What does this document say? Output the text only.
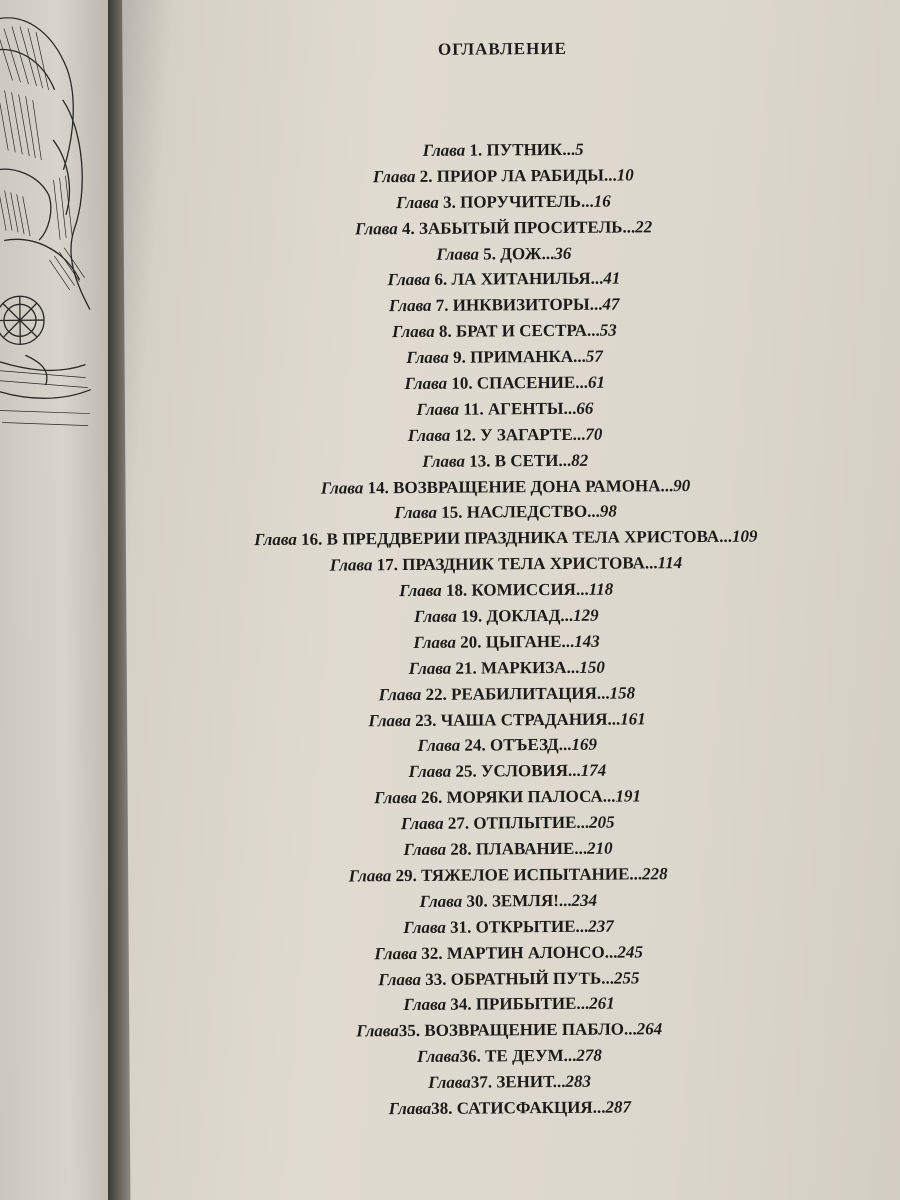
ОГЛАВЛЕНИЕ
Глава 1. ПУТНИК...5
Глава 2. ПРИОР ЛА РАБИДЫ...10
Глава 3. ПОРУЧИТЕЛЬ...16
Глава 4. ЗАБЫТЫЙ ПРОСИТЕЛЬ...22
Глава 5. ДОЖ...36
Глава 6. ЛА ХИТАНИЛЬЯ...41
Глава 7. ИНКВИЗИТОРЫ...47
Глава 8. БРАТ И СЕСТРА...53
Глава 9. ПРИМАНКА...57
Глава 10. СПАСЕНИЕ...61
Глава 11. АГЕНТЫ...66
Глава 12. У ЗАГАРТЕ...70
Глава 13. В СЕТИ...82
Глава 14. ВОЗВРАЩЕНИЕ ДОНА РАМОНА...90
Глава 15. НАСЛЕДСТВО...98
Глава 16. В ПРЕДДВЕРИИ ПРАЗДНИКА ТЕЛА ХРИСТОВА...109
Глава 17. ПРАЗДНИК ТЕЛА ХРИСТОВА...114
Глава 18. КОМИССИЯ...118
Глава 19. ДОКЛАД...129
Глава 20. ЦЫГАНЕ...143
Глава 21. МАРКИЗА...150
Глава 22. РЕАБИЛИТАЦИЯ...158
Глава 23. ЧАША СТРАДАНИЯ...161
Глава 24. ОТЪЕЗД...169
Глава 25. УСЛОВИЯ...174
Глава 26. МОРЯКИ ПАЛОСА...191
Глава 27. ОТПЛЫТИЕ...205
Глава 28. ПЛАВАНИЕ...210
Глава 29. ТЯЖЕЛОЕ ИСПЫТАНИЕ...228
Глава 30. ЗЕМЛЯ!...234
Глава 31. ОТКРЫТИЕ...237
Глава 32. МАРТИН АЛОНСО...245
Глава 33. ОБРАТНЫЙ ПУТЬ...255
Глава 34. ПРИБЫТИЕ...261
Глава35. ВОЗВРАЩЕНИЕ ПАБЛО...264
Глава36. ТЕ ДЕУМ...278
Глава37. ЗЕНИТ...283
Глава38. САТИСФАКЦИЯ...287
